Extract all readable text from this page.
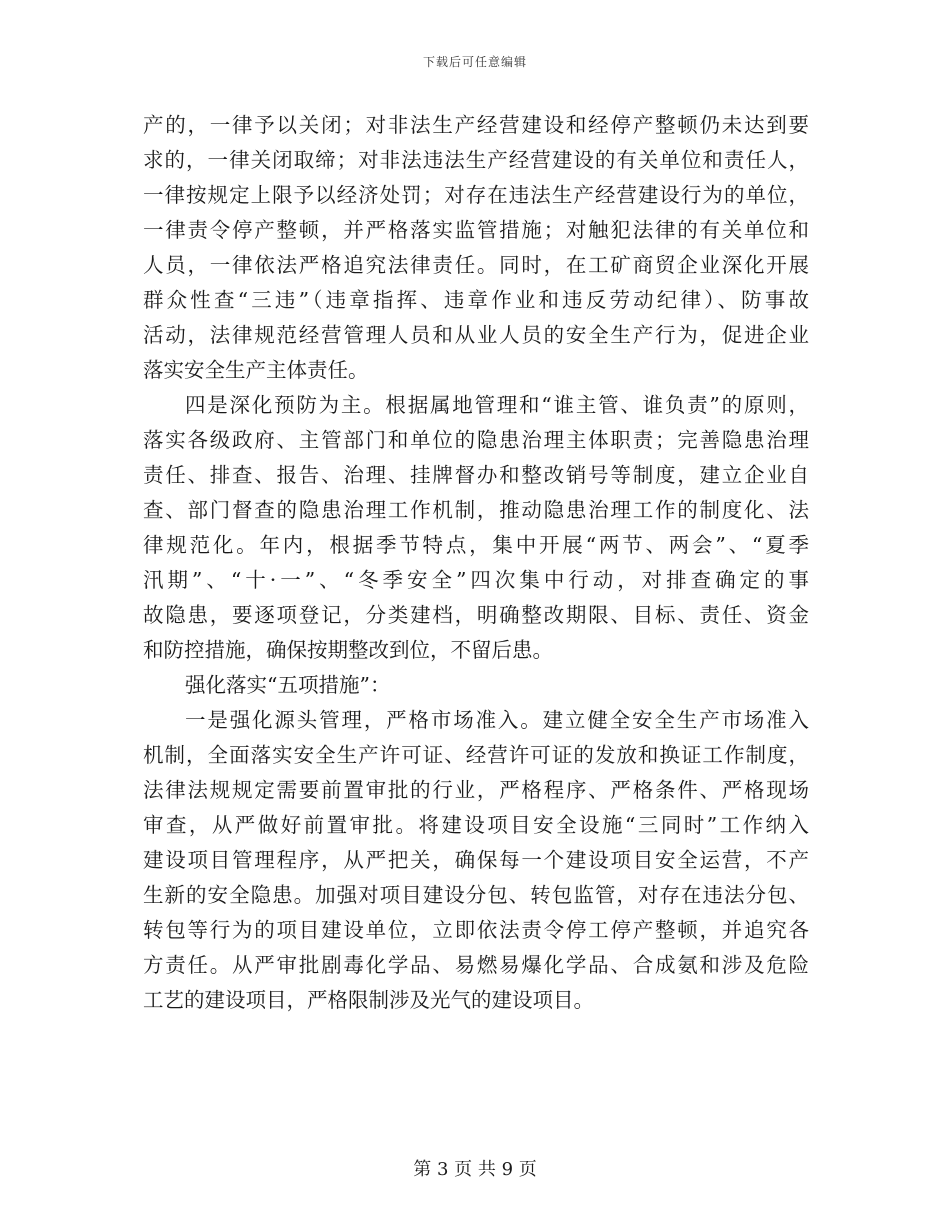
下载后可任意编辑
产的，一律予以关闭；对非法生产经营建设和经停产整顿仍未达到要
求的，一律关闭取缔；对非法违法生产经营建设的有关单位和责任人，
一律按规定上限予以经济处罚；对存在违法生产经营建设行为的单位，
一律责令停产整顿，并严格落实监管措施；对触犯法律的有关单位和
人员，一律依法严格追究法律责任。同时，在工矿商贸企业深化开展
群众性查“三违”（违章指挥、违章作业和违反劳动纪律）、防事故
活动，法律规范经营管理人员和从业人员的安全生产行为，促进企业
落实安全生产主体责任。
四是深化预防为主。根据属地管理和“谁主管、谁负责”的原则，
落实各级政府、主管部门和单位的隐患治理主体职责；完善隐患治理
责任、排查、报告、治理、挂牌督办和整改销号等制度，建立企业自
查、部门督查的隐患治理工作机制，推动隐患治理工作的制度化、法
律规范化。年内，根据季节特点，集中开展“两节、两会”、“夏季
汛期”、“十·一”、“冬季安全”四次集中行动，对排查确定的事
故隐患，要逐项登记，分类建档，明确整改期限、目标、责任、资金
和防控措施，确保按期整改到位，不留后患。
强化落实“五项措施”：
一是强化源头管理，严格市场准入。建立健全安全生产市场准入
机制，全面落实安全生产许可证、经营许可证的发放和换证工作制度，
法律法规规定需要前置审批的行业，严格程序、严格条件、严格现场
审查，从严做好前置审批。将建设项目安全设施“三同时”工作纳入
建设项目管理程序，从严把关，确保每一个建设项目安全运营，不产
生新的安全隐患。加强对项目建设分包、转包监管，对存在违法分包、
转包等行为的项目建设单位，立即依法责令停工停产整顿，并追究各
方责任。从严审批剧毒化学品、易燃易爆化学品、合成氨和涉及危险
工艺的建设项目，严格限制涉及光气的建设项目。
第 3 页 共 9 页
